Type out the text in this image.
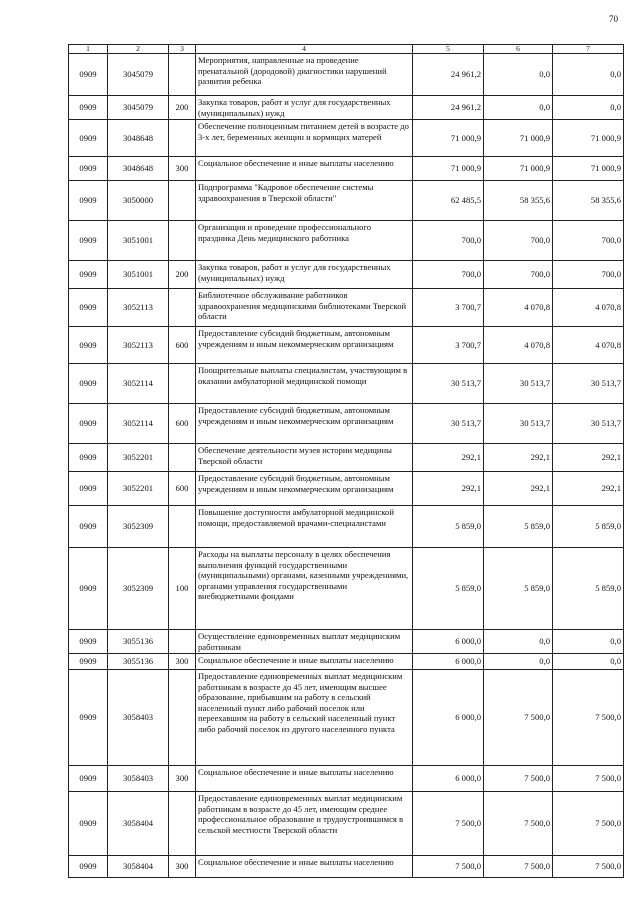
70
1	2	3	4	5	6	7
0909	3045079		Мероприятия, направленные на проведение пренатальной (дородовой) диагностики нарушений развития ребенка	24 961,2	0,0	0,0
0909	3045079	200	Закупка товаров, работ и услуг для государственных (муниципальных) нужд	24 961,2	0,0	0,0
0909	3048648		Обеспечение полноценным питанием детей в возрасте до 3-х лет, беременных женщин и кормящих матерей	71 000,9	71 000,9	71 000,9
0909	3048648	300	Социальное обеспечение и иные выплаты населению	71 000,9	71 000,9	71 000,9
0909	3050000		Подпрограмма "Кадровое обеспечение системы здравоохранения в Тверской области"	62 485,5	58 355,6	58 355,6
0909	3051001		Организация и проведение профессионального праздника День медицинского работника	700,0	700,0	700,0
0909	3051001	200	Закупка товаров, работ и услуг для государственных (муниципальных) нужд	700,0	700,0	700,0
0909	3052113		Библиотечное обслуживание работников здравоохранения медицинскими библиотеками Тверской области	3 700,7	4 070,8	4 070,8
0909	3052113	600	Предоставление субсидий бюджетным, автономным учреждениям и иным некоммерческим организациям	3 700,7	4 070,8	4 070,8
0909	3052114		Поощрительные выплаты специалистам, участвующим в оказании амбулаторной медицинской помощи	30 513,7	30 513,7	30 513,7
0909	3052114	600	Предоставление субсидий бюджетным, автономным учреждениям и иным некоммерческим организациям	30 513,7	30 513,7	30 513,7
0909	3052201		Обеспечение деятельности музея истории медицины Тверской области	292,1	292,1	292,1
0909	3052201	600	Предоставление субсидий бюджетным, автономным учреждениям и иным некоммерческим организациям	292,1	292,1	292,1
0909	3052309		Повышение доступности амбулаторной медицинской помощи, предоставляемой врачами-специалистами	5 859,0	5 859,0	5 859,0
0909	3052309	100	Расходы на выплаты персоналу в целях обеспечения выполнения функций государственными (муниципальными) органами, казенными учреждениями, органами управления государственными внебюджетными фондами	5 859,0	5 859,0	5 859,0
0909	3055136		Осуществление единовременных выплат медицинским работникам	6 000,0	0,0	0,0
0909	3055136	300	Социальное обеспечение и иные выплаты населению	6 000,0	0,0	0,0
0909	3058403		Предоставление единовременных выплат медицинским работникам в возрасте до 45 лет, имеющим высшее образование, прибывшим на работу в сельский населенный пункт либо рабочий поселок или переехавшим на работу в сельский населенный пункт либо рабочий поселок из другого населенного пункта	6 000,0	7 500,0	7 500,0
0909	3058403	300	Социальное обеспечение и иные выплаты населению	6 000,0	7 500,0	7 500,0
0909	3058404		Предоставление единовременных выплат медицинским работникам в возрасте до 45 лет, имеющим среднее профессиональное образование и трудоустроившимся в сельской местности Тверской области	7 500,0	7 500,0	7 500,0
0909	3058404	300	Социальное обеспечение и иные выплаты населению	7 500,0	7 500,0	7 500,0
